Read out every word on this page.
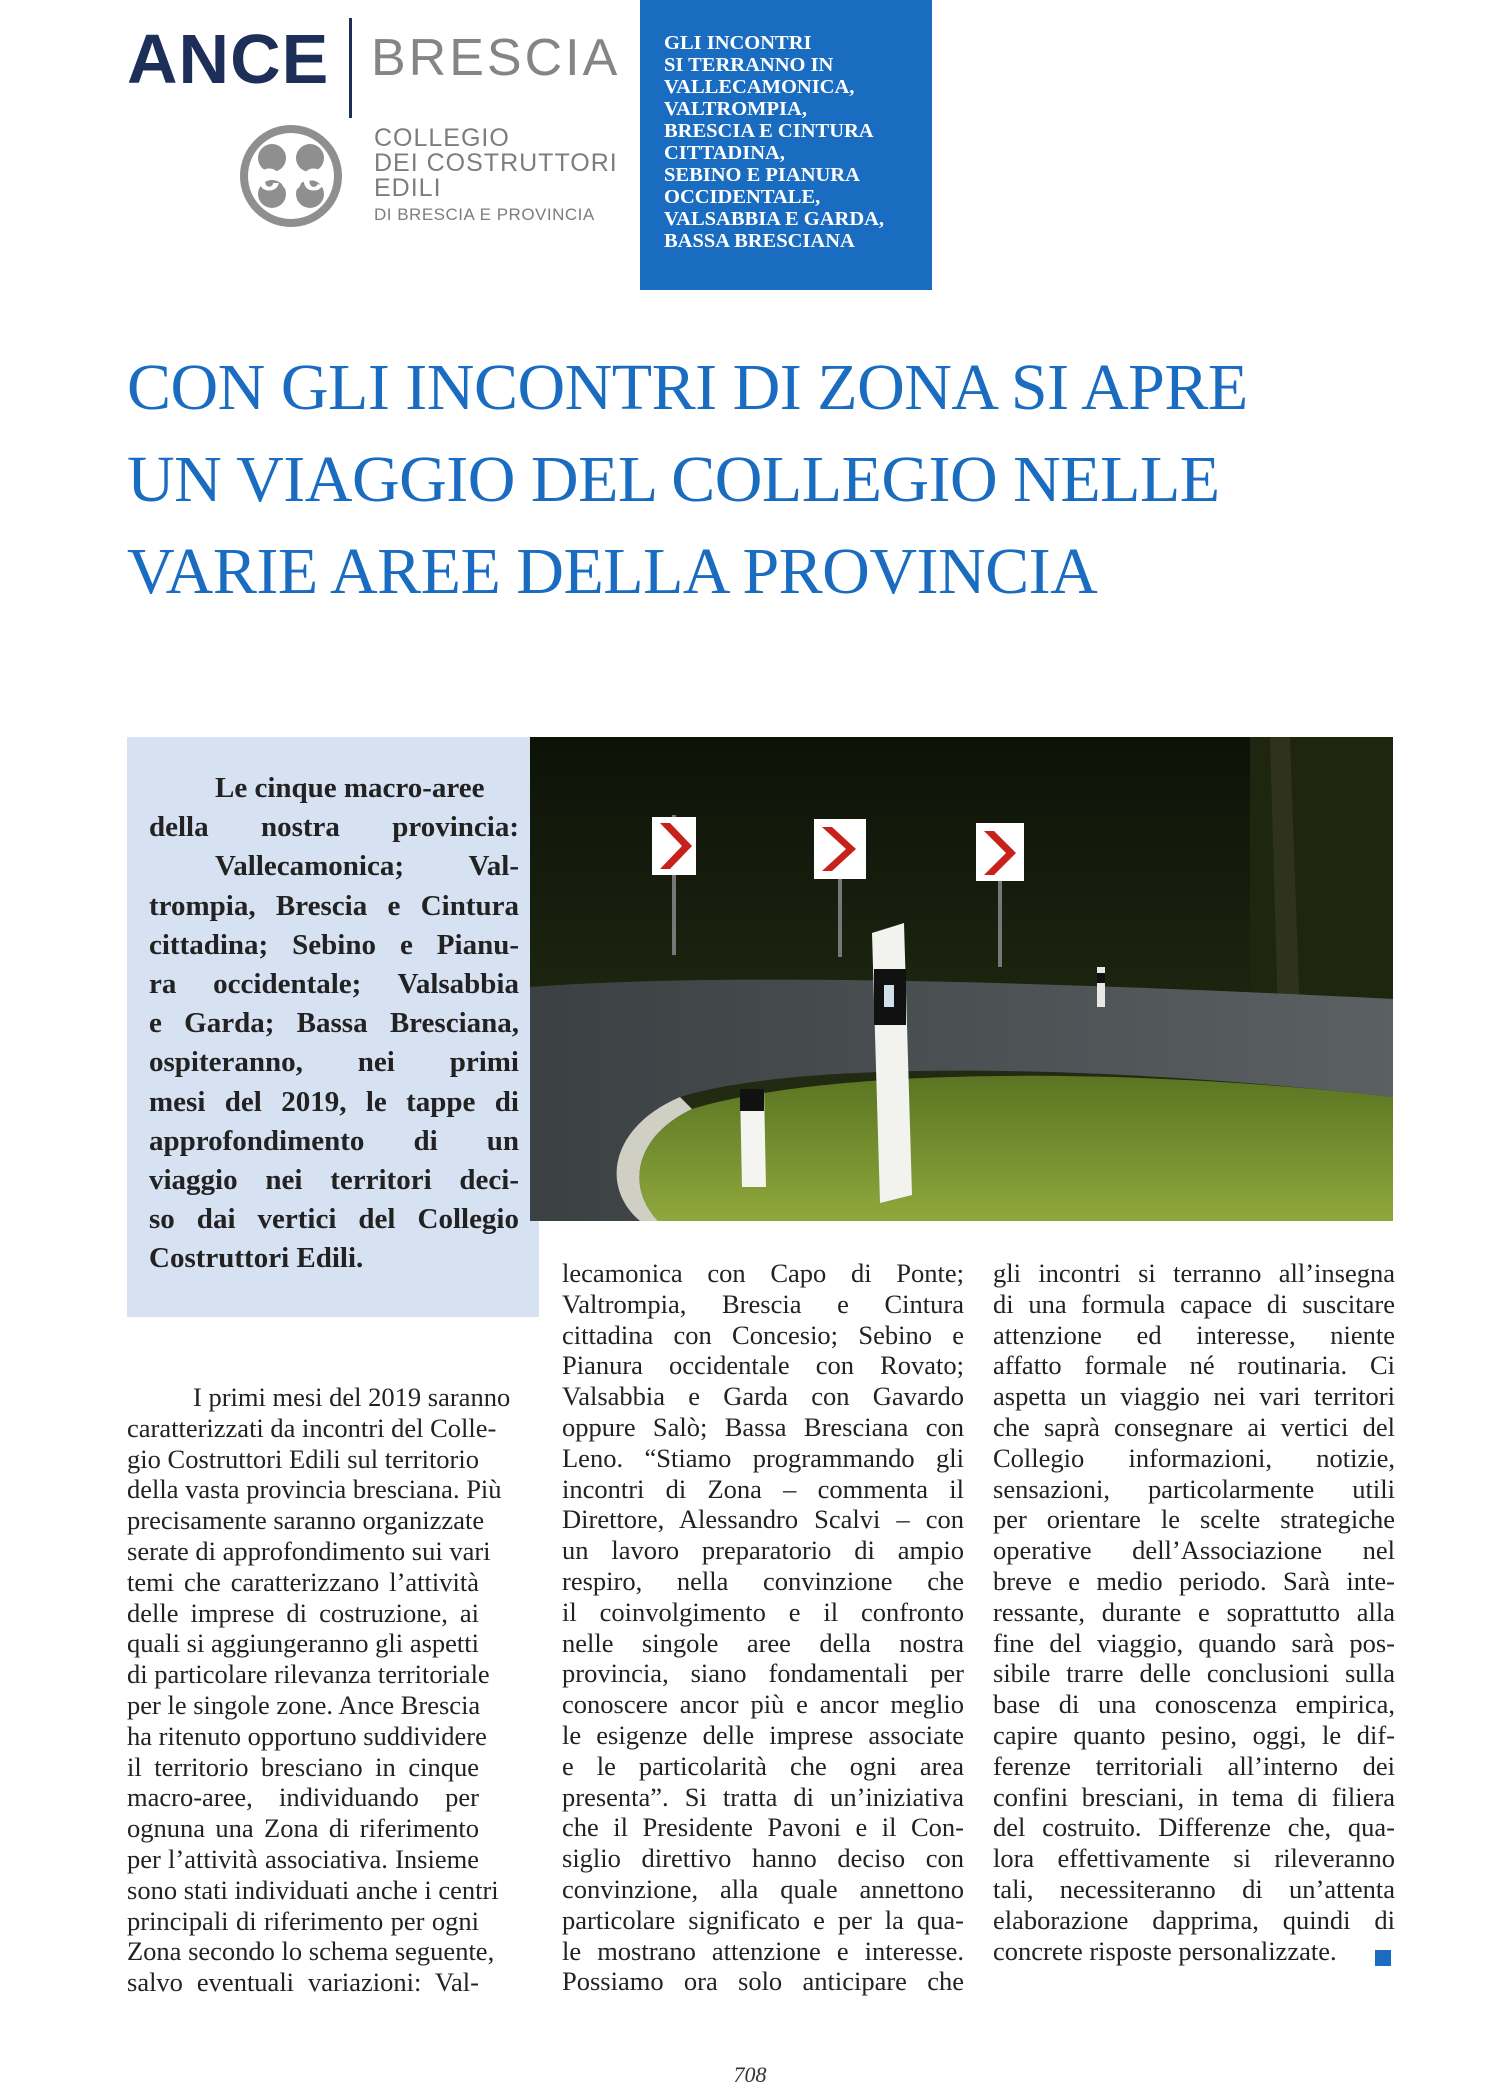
ANCE BRESCIA
cce
COLLEGIO
DEI COSTRUTTORI
EDILI
DI BRESCIA E PROVINCIA
GLI INCONTRI
SI TERRANNO IN
VALLECAMONICA,
VALTROMPIA,
BRESCIA E CINTURA
CITTADINA,
SEBINO E PIANURA
OCCIDENTALE,
VALSABBIA E GARDA,
BASSA BRESCIANA
CON GLI INCONTRI DI ZONA SI APRE
UN VIAGGIO DEL COLLEGIO NELLE
VARIE AREE DELLA PROVINCIA
Le cinque macro-aree
della nostra provincia:
Vallecamonica; Val-
trompia, Brescia e Cintura
cittadina; Sebino e Pianu-
ra occidentale; Valsabbia
e Garda; Bassa Bresciana,
ospiteranno, nei primi
mesi del 2019, le tappe di
approfondimento di un
viaggio nei territori deci-
so dai vertici del Collegio
Costruttori Edili.
I primi mesi del 2019 saranno
caratterizzati da incontri del Colle-
gio Costruttori Edili sul territorio
della vasta provincia bresciana. Più
precisamente saranno organizzate
serate di approfondimento sui vari
temi che caratterizzano l’attività
delle imprese di costruzione, ai
quali si aggiungeranno gli aspetti
di particolare rilevanza territoriale
per le singole zone. Ance Brescia
ha ritenuto opportuno suddividere
il territorio bresciano in cinque
macro-aree, individuando per
ognuna una Zona di riferimento
per l’attività associativa. Insieme
sono stati individuati anche i centri
principali di riferimento per ogni
Zona secondo lo schema seguente,
salvo eventuali variazioni: Val-
lecamonica con Capo di Ponte;
Valtrompia, Brescia e Cintura
cittadina con Concesio; Sebino e
Pianura occidentale con Rovato;
Valsabbia e Garda con Gavardo
oppure Salò; Bassa Bresciana con
Leno. “Stiamo programmando gli
incontri di Zona – commenta il
Direttore, Alessandro Scalvi – con
un lavoro preparatorio di ampio
respiro, nella convinzione che
il coinvolgimento e il confronto
nelle singole aree della nostra
provincia, siano fondamentali per
conoscere ancor più e ancor meglio
le esigenze delle imprese associate
e le particolarità che ogni area
presenta”. Si tratta di un’iniziativa
che il Presidente Pavoni e il Con-
siglio direttivo hanno deciso con
convinzione, alla quale annettono
particolare significato e per la qua-
le mostrano attenzione e interesse.
Possiamo ora solo anticipare che
gli incontri si terranno all’insegna
di una formula capace di suscitare
attenzione ed interesse, niente
affatto formale né routinaria. Ci
aspetta un viaggio nei vari territori
che saprà consegnare ai vertici del
Collegio informazioni, notizie,
sensazioni, particolarmente utili
per orientare le scelte strategiche
operative dell’Associazione nel
breve e medio periodo. Sarà inte-
ressante, durante e soprattutto alla
fine del viaggio, quando sarà pos-
sibile trarre delle conclusioni sulla
base di una conoscenza empirica,
capire quanto pesino, oggi, le dif-
ferenze territoriali all’interno dei
confini bresciani, in tema di filiera
del costruito. Differenze che, qua-
lora effettivamente si rileveranno
tali, necessiteranno di un’attenta
elaborazione dapprima, quindi di
concrete risposte personalizzate.
708
